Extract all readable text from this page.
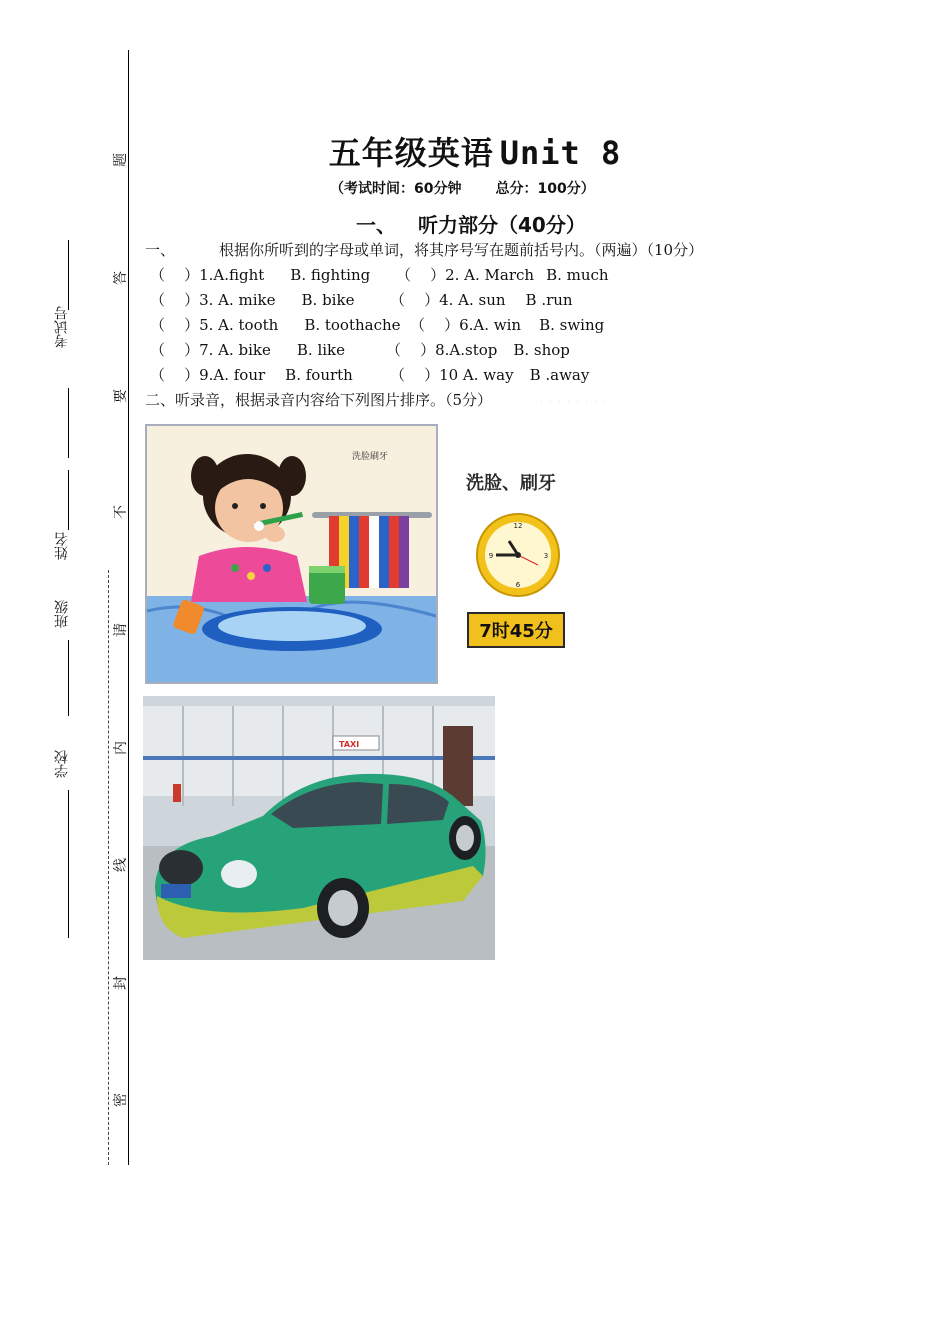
题
答
要
不
请
内
线
封
密
考试号
姓名
班级
学校
五年级英语 Unit 8
（考试时间：60分钟 总分：100分）
一、 听力部分（40分）
一、	根据你所听到的字母或单词，将其序号写在题前括号内。（两遍）（10分）
（    ）1.A.fight B. fighting （    ）2. A. March B. much
（    ）3. A. mike B. bike （    ）4. A. sun B .run
（    ）5. A. tooth B. toothache （    ）6.A. win B. swing
（    ）7. A. bike B. like	（    ）8.A.stop B. shop
（    ）9.A. four B. fourth （    ）10 A. way B .away
二、听录音，根据录音内容给下列图片排序。（5分）	· · · · · · · ·
洗脸刷牙
洗脸、刷牙
12
3
6
9
7时45分
TAXI
